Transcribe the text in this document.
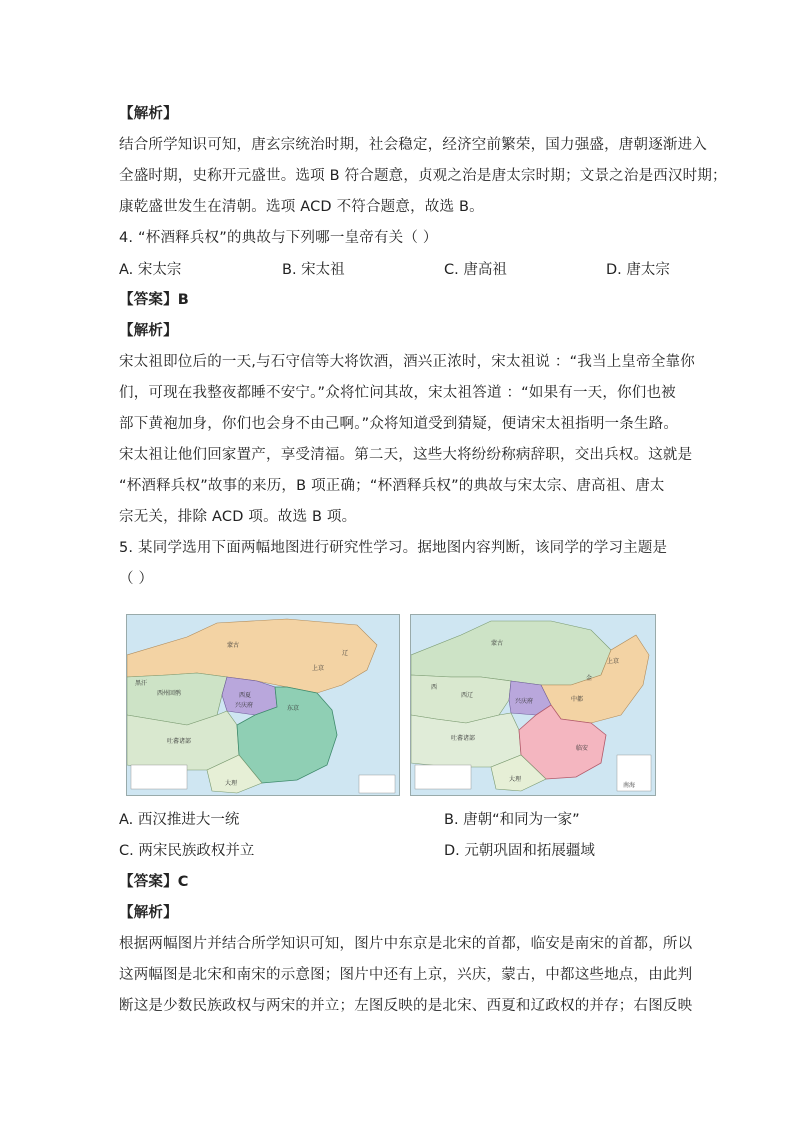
【解析】
结合所学知识可知，唐玄宗统治时期，社会稳定，经济空前繁荣，国力强盛，唐朝逐渐进入
全盛时期，史称开元盛世。选项 B 符合题意，贞观之治是唐太宗时期；文景之治是西汉时期；
康乾盛世发生在清朝。选项 ACD 不符合题意，故选 B。
4. “杯酒释兵权”的典故与下列哪一皇帝有关（ ）
A. 宋太宗	B. 宋太祖	C. 唐高祖	D. 唐太宗
【答案】B
【解析】
宋太祖即位后的一天,与石守信等大将饮酒，酒兴正浓时，宋太祖说 ：“我当上皇帝全靠你
们，可现在我整夜都睡不安宁。”众将忙问其故，宋太祖答道 ：“如果有一天，你们也被
部下黄袍加身，你们也会身不由己啊。”众将知道受到猜疑，便请宋太祖指明一条生路。
宋太祖让他们回家置产，享受清福。第二天，这些大将纷纷称病辞职，交出兵权。这就是
“杯酒释兵权”故事的来历，B 项正确；“杯酒释兵权”的典故与宋太宗、唐高祖、唐太
宗无关，排除 ACD 项。故选 B 项。
5. 某同学选用下面两幅地图进行研究性学习。据地图内容判断，该同学的学习主题是
（ ）
蒙古
辽
西州回鹘	西夏
兴庆府	东京
吐蕃诸部
大理
上京
黑汗
蒙古
西
西辽
兴庆府
吐蕃诸部
大理
中都
上京
金
临安
南海
A. 西汉推进大一统	B. 唐朝“和同为一家”
C. 两宋民族政权并立	D. 元朝巩固和拓展疆域
【答案】C
【解析】
根据两幅图片并结合所学知识可知，图片中东京是北宋的首都，临安是南宋的首都，所以
这两幅图是北宋和南宋的示意图；图片中还有上京，兴庆，蒙古，中都这些地点，由此判
断这是少数民族政权与两宋的并立；左图反映的是北宋、西夏和辽政权的并存；右图反映
